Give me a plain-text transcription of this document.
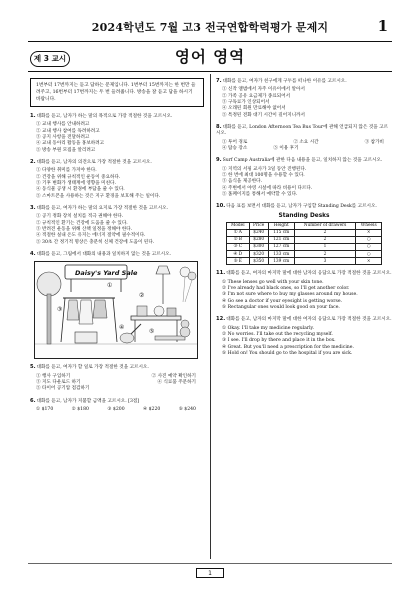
2024학년도 7월 고3 전국연합학력평가 문제지	1
제 3 교시	영어 영역
1번부터 17번까지는 듣고 답하는 문제입니다. 1번부터 15번까지는 한 번만 들려주고, 16번부터 17번까지는 두 번 들려줍니다. 방송을 잘 듣고 답을 하시기 바랍니다.
1.대화를 듣고, 남자가 하는 말의 목적으로 가장 적절한 것을 고르시오.
① 교내 행사를 안내하려고
② 교내 행사 참여를 독려하려고
③ 공지 사항을 전달하려고
④ 교내 동아리 활동을 홍보하려고
⑤ 방송 부원 모집을 알리려고
2.대화를 듣고, 남자의 의견으로 가장 적절한 것을 고르시오.
① 다양한 취미를 가져야 한다.
② 건강을 위해 규칙적인 운동이 중요하다.
③ 기후 변화가 생태계에 영향을 미친다.
④ 동식물 공생 시 환경에 부담을 줄 수 있다.
⑤ 스마트폰을 사용하는 것은 지구 환경을 보호해 주는 일이다.
3.대화를 듣고, 여자가 하는 말의 요지로 가장 적절한 것을 고르시오.
① 공기 정화 장치 설치를 적극 권해야 한다.
② 규칙적인 환기는 건강에 도움을 줄 수 있다.
③ 반려견 운동을 위해 산책 일정을 정해야 한다.
④ 적절한 실내 온도 유지는 에너지 절약에 필수적이다.
⑤ 30초 간 정기적 명상은 충분히 신체 건강에 도움이 된다.
4.대화를 듣고, 그림에서 대화의 내용과 일치하지 않는 것을 고르시오.
Daisy's Yard Sale
①
②
③
④
⑤
5.대화를 듣고, 여자가 할 일로 가장 적절한 것을 고르시오.
① 행사 구입하기	② 사진 예약 확인하기
③ 지도 다운로드 하기	④ 식료품 주문하기
⑤ 타이어 공기압 점검하기
6.대화를 듣고, 남자가 지불할 금액을 고르시오. [3점]
① $170	② $180	③ $200	④ $220	⑤ $240
7.대화를 듣고, 여자가 친구에게 구두를 떠나한 이유를 고르시오.
① 신작 앨범에서 자주 이유이에서 알아서
② 가족 공유 요금제가 종료되어서
③ 구독료가 인상되어서
④ 오래된 회원 만료해야 없어서
⑤ 특정된 전화 대기 시간이 길어지니까서
8.대화를 듣고, London Afternoon Tea Bus Tour에 관해 언급되지 않은 것을 고르시오.
① 투어 경로	② 소요 시간	③ 참가비
④ 탑승 장소	⑤ 이용 후기
9.Surf Camp Australia에 관한 다음 내용을 듣고, 일치하지 않는 것을 고르시오.
① 지역의 서핑 교사가 3일 동안 진행된다.
② 한 번에 최대 100명을 수용할 수 있다.
③ 음식을 제공한다.
④ 주변에서 야영 시설에 따라 비용이 다르다.
⑤ 홈페이지를 통해서 예약할 수 있다.
10.다음 표를 보면서 대화를 듣고, 남자가 구입할 Standing Desk를 고르시오.
Standing Desks
Model	Price	Height	Number of drawers	Wheels
① A	$240	115 cm	2	×
② B	$280	121 cm	2	○
③ C	$300	127 cm	1	○
④ D	$320	133 cm	2	○
⑤ E	$350	139 cm	3	×
11.대화를 듣고, 여자의 마지막 말에 대한 남자의 응답으로 가장 적절한 것을 고르시오.
① These lenses go well with your skin tone.
② I've already had black ones, so I'll get another color.
③ I'm not sure where to buy my glasses around my house.
④ Go see a doctor if your eyesight is getting worse.
⑤ Rectangular ones would look good on your face.
12.대화를 듣고, 남자의 마지막 말에 대한 여자의 응답으로 가장 적절한 것을 고르시오.
① Okay. I'll take my medicine regularly.
② No worries. I'll take out the recycling myself.
③ I see. I'll drop by there and place it in the box.
④ Great. But you'll need a prescription for the medicine.
⑤ Hold on! You should go to the hospital if you are sick.
1
